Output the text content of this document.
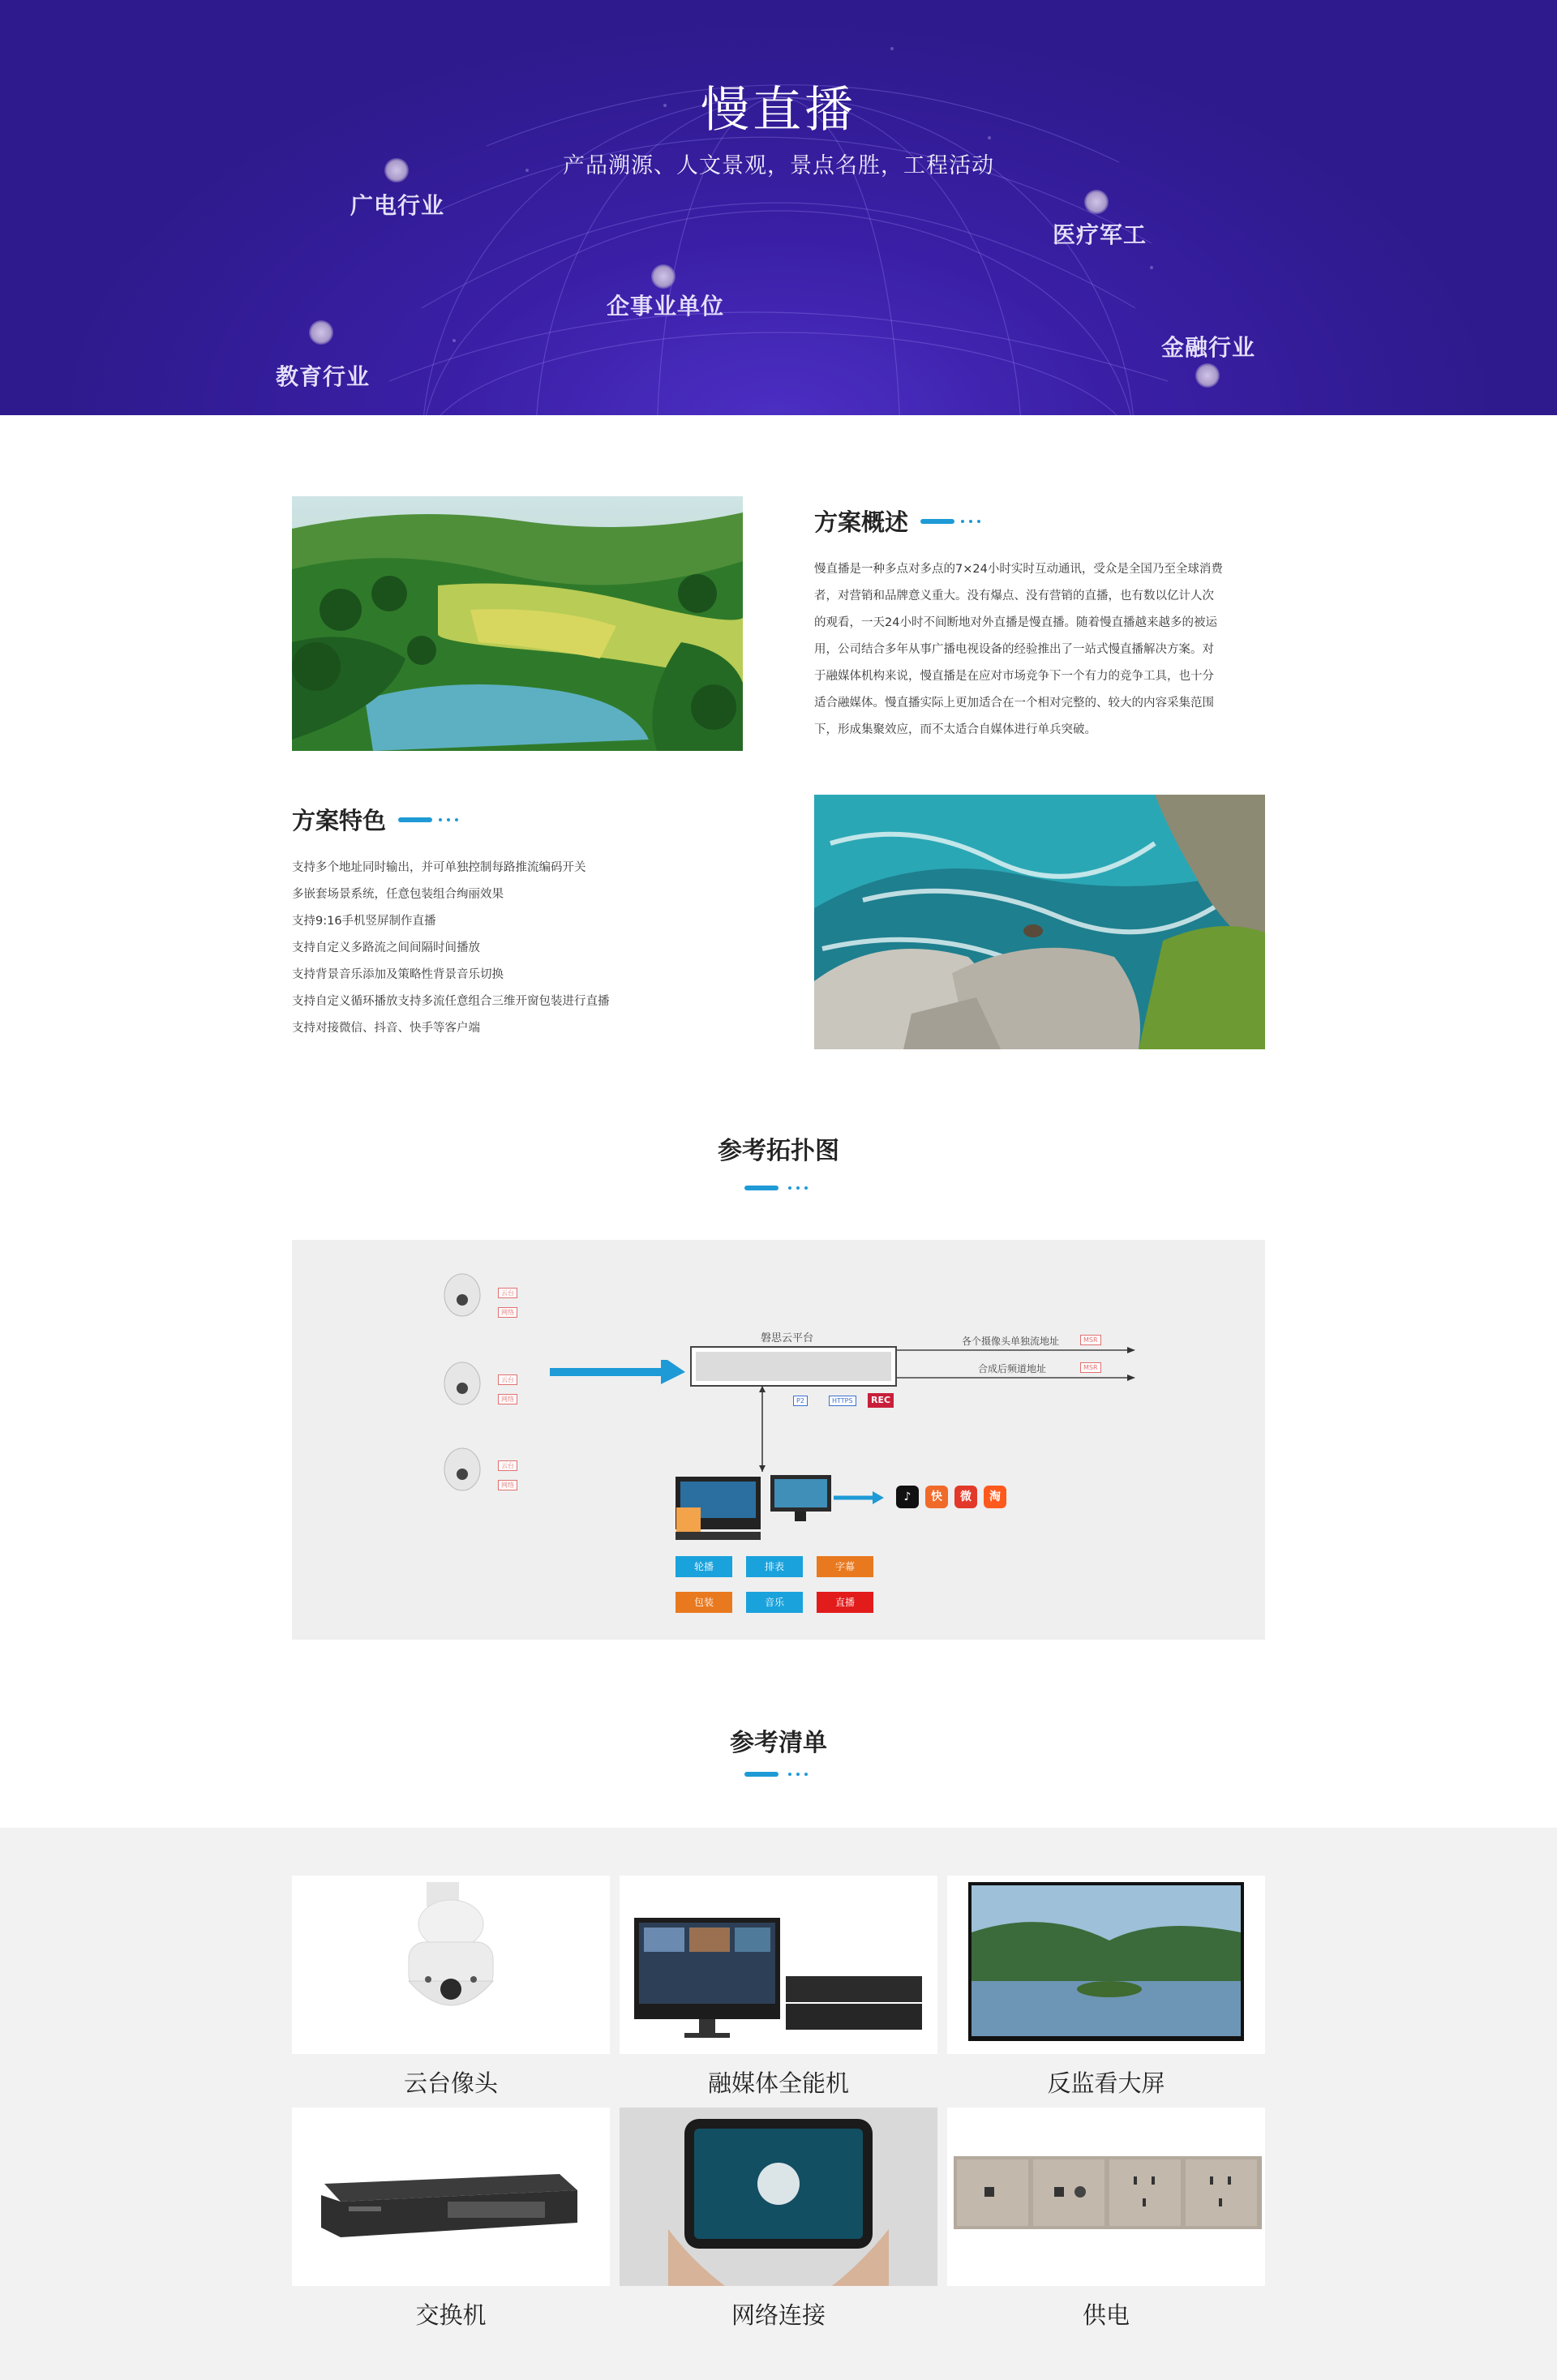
慢直播
产品溯源、人文景观，景点名胜，工程活动
广电行业
医疗军工
企事业单位
教育行业
金融行业
方案概述
慢直播是一种多点对多点的7×24小时实时互动通讯，受众是全国乃至全球消费
者，对营销和品牌意义重大。没有爆点、没有营销的直播，也有数以亿计人次
的观看，一天24小时不间断地对外直播是慢直播。随着慢直播越来越多的被运
用，公司结合多年从事广播电视设备的经验推出了一站式慢直播解决方案。对
于融媒体机构来说，慢直播是在应对市场竞争下一个有力的竞争工具，也十分
适合融媒体。慢直播实际上更加适合在一个相对完整的、较大的内容采集范围
下，形成集聚效应，而不太适合自媒体进行单兵突破。
方案特色
支持多个地址同时输出，并可单独控制每路推流编码开关
多嵌套场景系统，任意包装组合绚丽效果
支持9:16手机竖屏制作直播
支持自定义多路流之间间隔时间播放
支持背景音乐添加及策略性背景音乐切换
支持自定义循环播放支持多流任意组合三维开窗包装进行直播
支持对接微信、抖音、快手等客户端
参考拓扑图
云台
网络
云台
网络
云台
网络
磐思云平台	各个摄像头单独流地址	MSR
合成后频道地址	MSR
P2	HTTPS	REC
♪	快	微	淘
轮播	排表	字幕
包装	音乐	直播
参考清单
云台像头	融媒体全能机	反监看大屏
交换机	网络连接	供电
